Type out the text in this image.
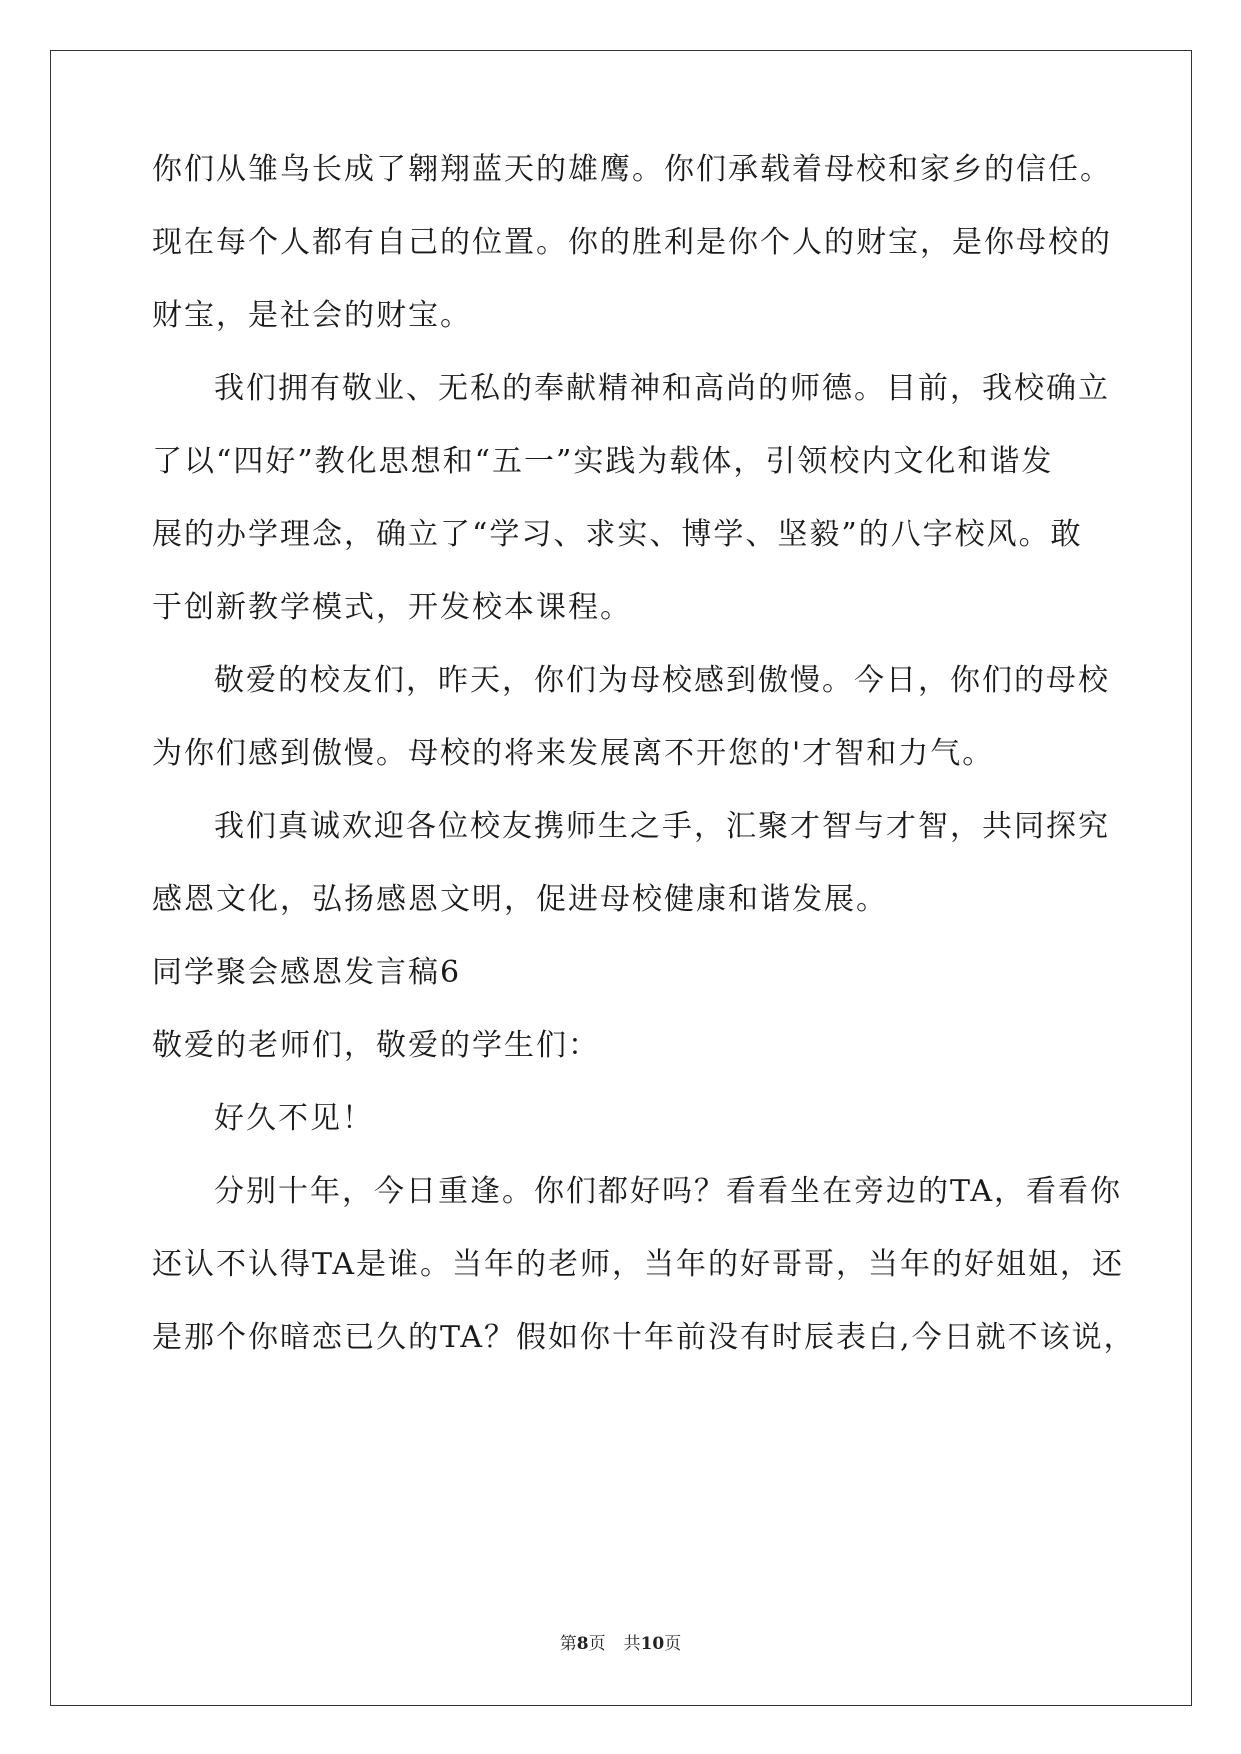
你们从雏鸟长成了翱翔蓝天的雄鹰。你们承载着母校和家乡的信任。
现在每个人都有自己的位置。你的胜利是你个人的财宝，是你母校的
财宝，是社会的财宝。
我们拥有敬业、无私的奉献精神和高尚的师德。目前，我校确立
了以“四好”教化思想和“五一”实践为载体，引领校内文化和谐发
展的办学理念，确立了“学习、求实、博学、坚毅”的八字校风。敢
于创新教学模式，开发校本课程。
敬爱的校友们，昨天，你们为母校感到傲慢。今日，你们的母校
为你们感到傲慢。母校的将来发展离不开您的'才智和力气。
我们真诚欢迎各位校友携师生之手，汇聚才智与才智，共同探究
感恩文化，弘扬感恩文明，促进母校健康和谐发展。
同学聚会感恩发言稿6
敬爱的老师们，敬爱的学生们：
好久不见！
分别十年，今日重逢。你们都好吗？看看坐在旁边的TA，看看你
还认不认得TA是谁。当年的老师，当年的好哥哥，当年的好姐姐，还
是那个你暗恋已久的TA？假如你十年前没有时辰表白,今日就不该说，
第8页 共10页
